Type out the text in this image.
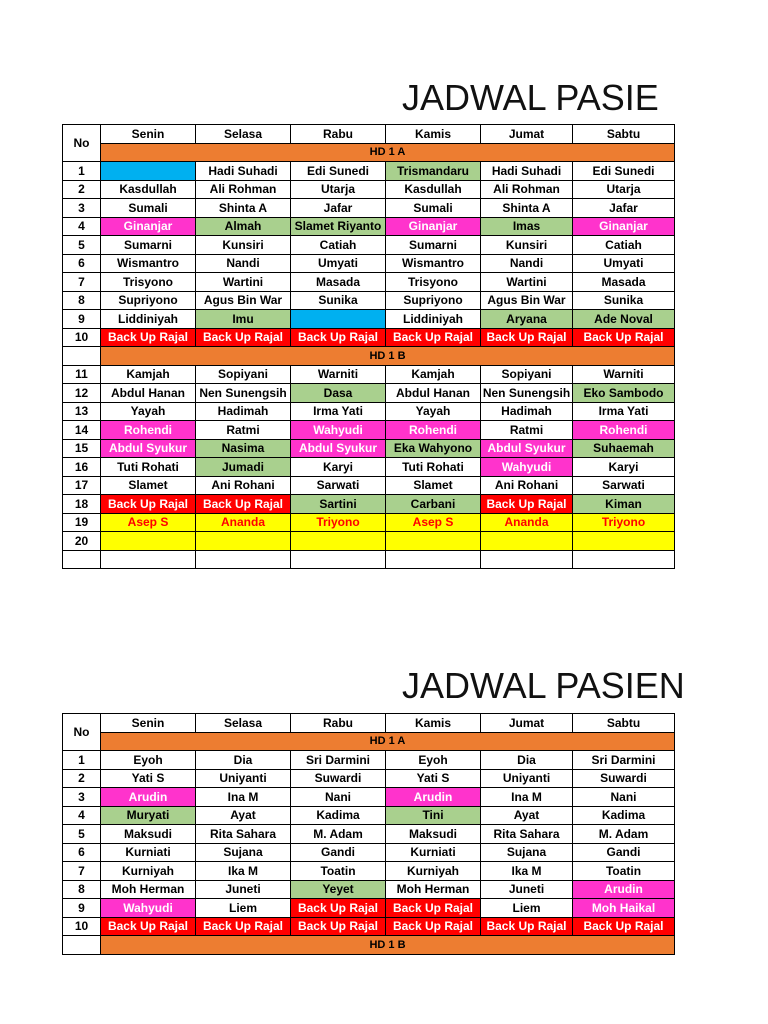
JADWAL PASIE
No	Senin	Selasa	Rabu	Kamis	Jumat	Sabtu
	HD 1 A					
1		Hadi Suhadi	Edi Sunedi	Trismandaru	Hadi Suhadi	Edi Sunedi
2	Kasdullah	Ali Rohman	Utarja	Kasdullah	Ali Rohman	Utarja
3	Sumali	Shinta A	Jafar	Sumali	Shinta A	Jafar
4	Ginanjar	Almah	Slamet Riyanto	Ginanjar	Imas	Ginanjar
5	Sumarni	Kunsiri	Catiah	Sumarni	Kunsiri	Catiah
6	Wismantro	Nandi	Umyati	Wismantro	Nandi	Umyati
7	Trisyono	Wartini	Masada	Trisyono	Wartini	Masada
8	Supriyono	Agus Bin War	Sunika	Supriyono	Agus Bin War	Sunika
9	Liddiniyah	Imu		Liddiniyah	Aryana	Ade Noval
10	Back Up Rajal	Back Up Rajal	Back Up Rajal	Back Up Rajal	Back Up Rajal	Back Up Rajal
	HD 1 B					
11	Kamjah	Sopiyani	Warniti	Kamjah	Sopiyani	Warniti
12	Abdul Hanan	Nen Sunengsih	Dasa	Abdul Hanan	Nen Sunengsih	Eko Sambodo
13	Yayah	Hadimah	Irma Yati	Yayah	Hadimah	Irma Yati
14	Rohendi	Ratmi	Wahyudi	Rohendi	Ratmi	Rohendi
15	Abdul Syukur	Nasima	Abdul Syukur	Eka Wahyono	Abdul Syukur	Suhaemah
16	Tuti Rohati	Jumadi	Karyi	Tuti Rohati	Wahyudi	Karyi
17	Slamet	Ani Rohani	Sarwati	Slamet	Ani Rohani	Sarwati
18	Back Up Rajal	Back Up Rajal	Sartini	Carbani	Back Up Rajal	Kiman
19	Asep S	Ananda	Triyono	Asep S	Ananda	Triyono
20						

JADWAL PASIEN
No	Senin	Selasa	Rabu	Kamis	Jumat	Sabtu
	HD 1 A					
1	Eyoh	Dia	Sri Darmini	Eyoh	Dia	Sri Darmini
2	Yati S	Uniyanti	Suwardi	Yati S	Uniyanti	Suwardi
3	Arudin	Ina M	Nani	Arudin	Ina M	Nani
4	Muryati	Ayat	Kadima	Tini	Ayat	Kadima
5	Maksudi	Rita Sahara	M. Adam	Maksudi	Rita Sahara	M. Adam
6	Kurniati	Sujana	Gandi	Kurniati	Sujana	Gandi
7	Kurniyah	Ika M	Toatin	Kurniyah	Ika M	Toatin
8	Moh Herman	Juneti	Yeyet	Moh Herman	Juneti	Arudin
9	Wahyudi	Liem	Back Up Rajal	Back Up Rajal	Liem	Moh Haikal
10	Back Up Rajal	Back Up Rajal	Back Up Rajal	Back Up Rajal	Back Up Rajal	Back Up Rajal
	HD 1 B					
